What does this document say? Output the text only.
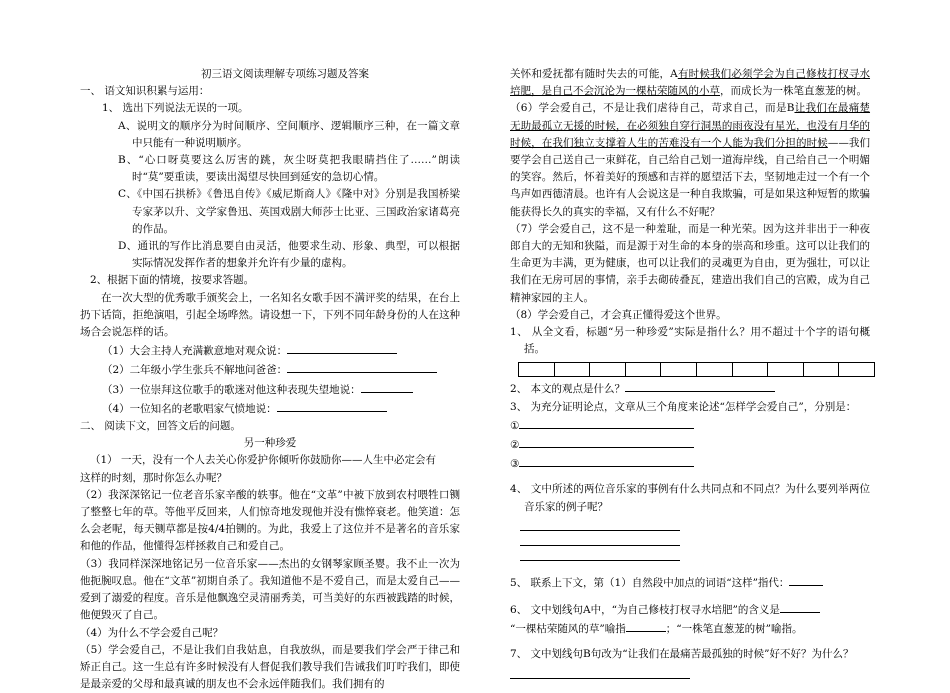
初三语文阅读理解专项练习题及答案

一、 语文知识积累与运用：

1、 选出下列说法无误的一项。

A、说明文的顺序分为时间顺序、空间顺序、逻辑顺序三种，在一篇文章中只能有一种说明顺序。

B、“心口呀莫要这么厉害的跳，灰尘呀莫把我眼睛挡住了……”朗读时“莫”要重读，要读出渴望尽快回到延安的急切心情。

C、《中国石拱桥》《鲁迅自传》《威尼斯商人》《隆中对》分别是我国桥梁专家茅以升、文学家鲁迅、英国戏剧大师莎士比亚、三国政治家诸葛亮的作品。

D、通讯的写作比消息要自由灵活，他要求生动、形象、典型，可以根据实际情况发挥作者的想象并允许有少量的虚构。

2、根据下面的情境，按要求答题。

在一次大型的优秀歌手颁奖会上，一名知名女歌手因不满评奖的结果，在台上扔下话筒，拒绝演唱，引起全场哗然。请设想一下，下列不同年龄身份的人在这种场合会说怎样的话。

（1）大会主持人充满歉意地对观众说：

（2）二年级小学生张兵不解地问爸爸：

（3）一位崇拜这位歌手的歌迷对他这种表现失望地说：

（4）一位知名的老歌唱家气愤地说：

二、 阅读下文，回答文后的问题。

另一种珍爱

（1） 一天，没有一个人去关心你爱护你倾听你鼓励你——人生中必定会有

这样的时刻，那时你怎么办呢？

（2）我深深铭记一位老音乐家辛酸的轶事。他在“文革”中被下放到农村喂牲口铡了整整七年的草。等他平反回来，人们惊奇地发现他并没有憔悴衰老。他笑道：怎么会老呢，每天铡草都是按4/4拍铡的。为此，我爱上了这位并不是著名的音乐家和他的作品，他懂得怎样拯救自己和爱自己。

（3）我同样深深地铭记另一位音乐家——杰出的女钢琴家顾圣婴。我不止一次为他扼腕叹息。他在“文革”初期自杀了。我知道他不是不爱自己，而是太爱自己——爱到了溺爱的程度。音乐是他飘逸空灵清丽秀美，可当美好的东西被践踏的时候，他便毁灭了自己。

（4）为什么不学会爱自己呢？

（5）学会爱自己，不是让我们自我姑息，自我放纵，而是要我们学会严于律己和矫正自己。这一生总有许多时候没有人督促我们教导我们告诫我们叮咛我们，即使是最亲爱的父母和最真诚的朋友也不会永远伴随我们。我们拥有的

关怀和爱抚都有随时失去的可能，A有时候我们必须学会为自己修枝打杈寻水培肥，是自己不会沉沦为一棵枯荣随风的小草，而成长为一株笔直葱茏的树。

（6）学会爱自己，不是让我们虐待自己，苛求自己，而是B让我们在最痛楚无助最孤立无援的时候，在必须独自穿行洞黑的雨夜没有星光，也没有月华的时候，在我们独立支撑着人生的苦难没有一个人能为我们分担的时候——我们要学会自己送自己一束鲜花，自己给自己划一道海岸线，自己给自己一个明媚的笑容。然后，怀着美好的预感和吉祥的愿望活下去，坚韧地走过一个有一个鸟声如西德清晨。也许有人会说这是一种自我欺骗，可是如果这种短暂的欺骗能获得长久的真实的幸福，又有什么不好呢？

（7）学会爱自己，这不是一种羞耻，而是一种光荣。因为这并非出于一种夜郎自大的无知和狭隘，而是源于对生命的本身的崇高和珍重。这可以让我们的生命更为丰满，更为健康，也可以让我们的灵魂更为自由，更为强壮，可以让我们在无房可居的事情，亲手去砌砖叠瓦，建造出我们自己的宫殿，成为自己精神家园的主人。

（8）学会爱自己，才会真正懂得爱这个世界。

1、 从全文看，标题“另一种珍爱”实际是指什么？用不超过十个字的语句概括。

2、 本文的观点是什么？

3、 为充分证明论点，文章从三个角度来论述“怎样学会爱自己”，分别是：

①

②

③

4、 文中所述的两位音乐家的事例有什么共同点和不同点？为什么要列举两位音乐家的例子呢？

5、 联系上下文，第（1）自然段中加点的词语“这样”指代：

6、 文中划线句A中，“为自己修枝打杈寻水培肥”的含义是

“一棵枯荣随风的草”喻指	；“一株笔直葱茏的树”喻指。

7、 文中划线句B句改为“让我们在最痛苦最孤独的时候”好不好？为什么？
